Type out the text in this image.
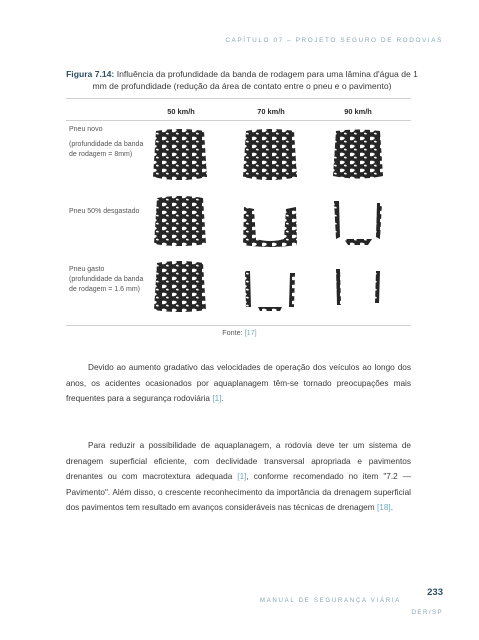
CAPÍTULO 07 – PROJETO SEGURO DE RODOVIAS
Figura 7.14: Influência da profundidade da banda de rodagem para uma lâmina d'água de 1 mm de profundidade (redução da área de contato entre o pneu e o pavimento)
50 km/h	70 km/h	90 km/h
Pneu novo
(profundidade da banda de rodagem = 8mm)
Pneu 50% desgastado
Pneu gasto (profundidade da banda de rodagem = 1.6 mm)
Fonte: [17]
Devido ao aumento gradativo das velocidades de operação dos veículos ao longo dos anos, os acidentes ocasionados por aquaplanagem têm-se tornado preocupações mais frequentes para a segurança rodoviária [1].
Para reduzir a possibilidade de aquaplanagem, a rodovia deve ter um sistema de drenagem superficial eficiente, com declividade transversal apropriada e pavimentos drenantes ou com macrotextura adequada [1], conforme recomendado no item "7.2 — Pavimento". Além disso, o crescente reconhecimento da importância da drenagem superficial dos pavimentos tem resultado em avanços consideráveis nas técnicas de drenagem [18].
233
MANUAL DE SEGURANÇA VIÁRIA
DER/SP
